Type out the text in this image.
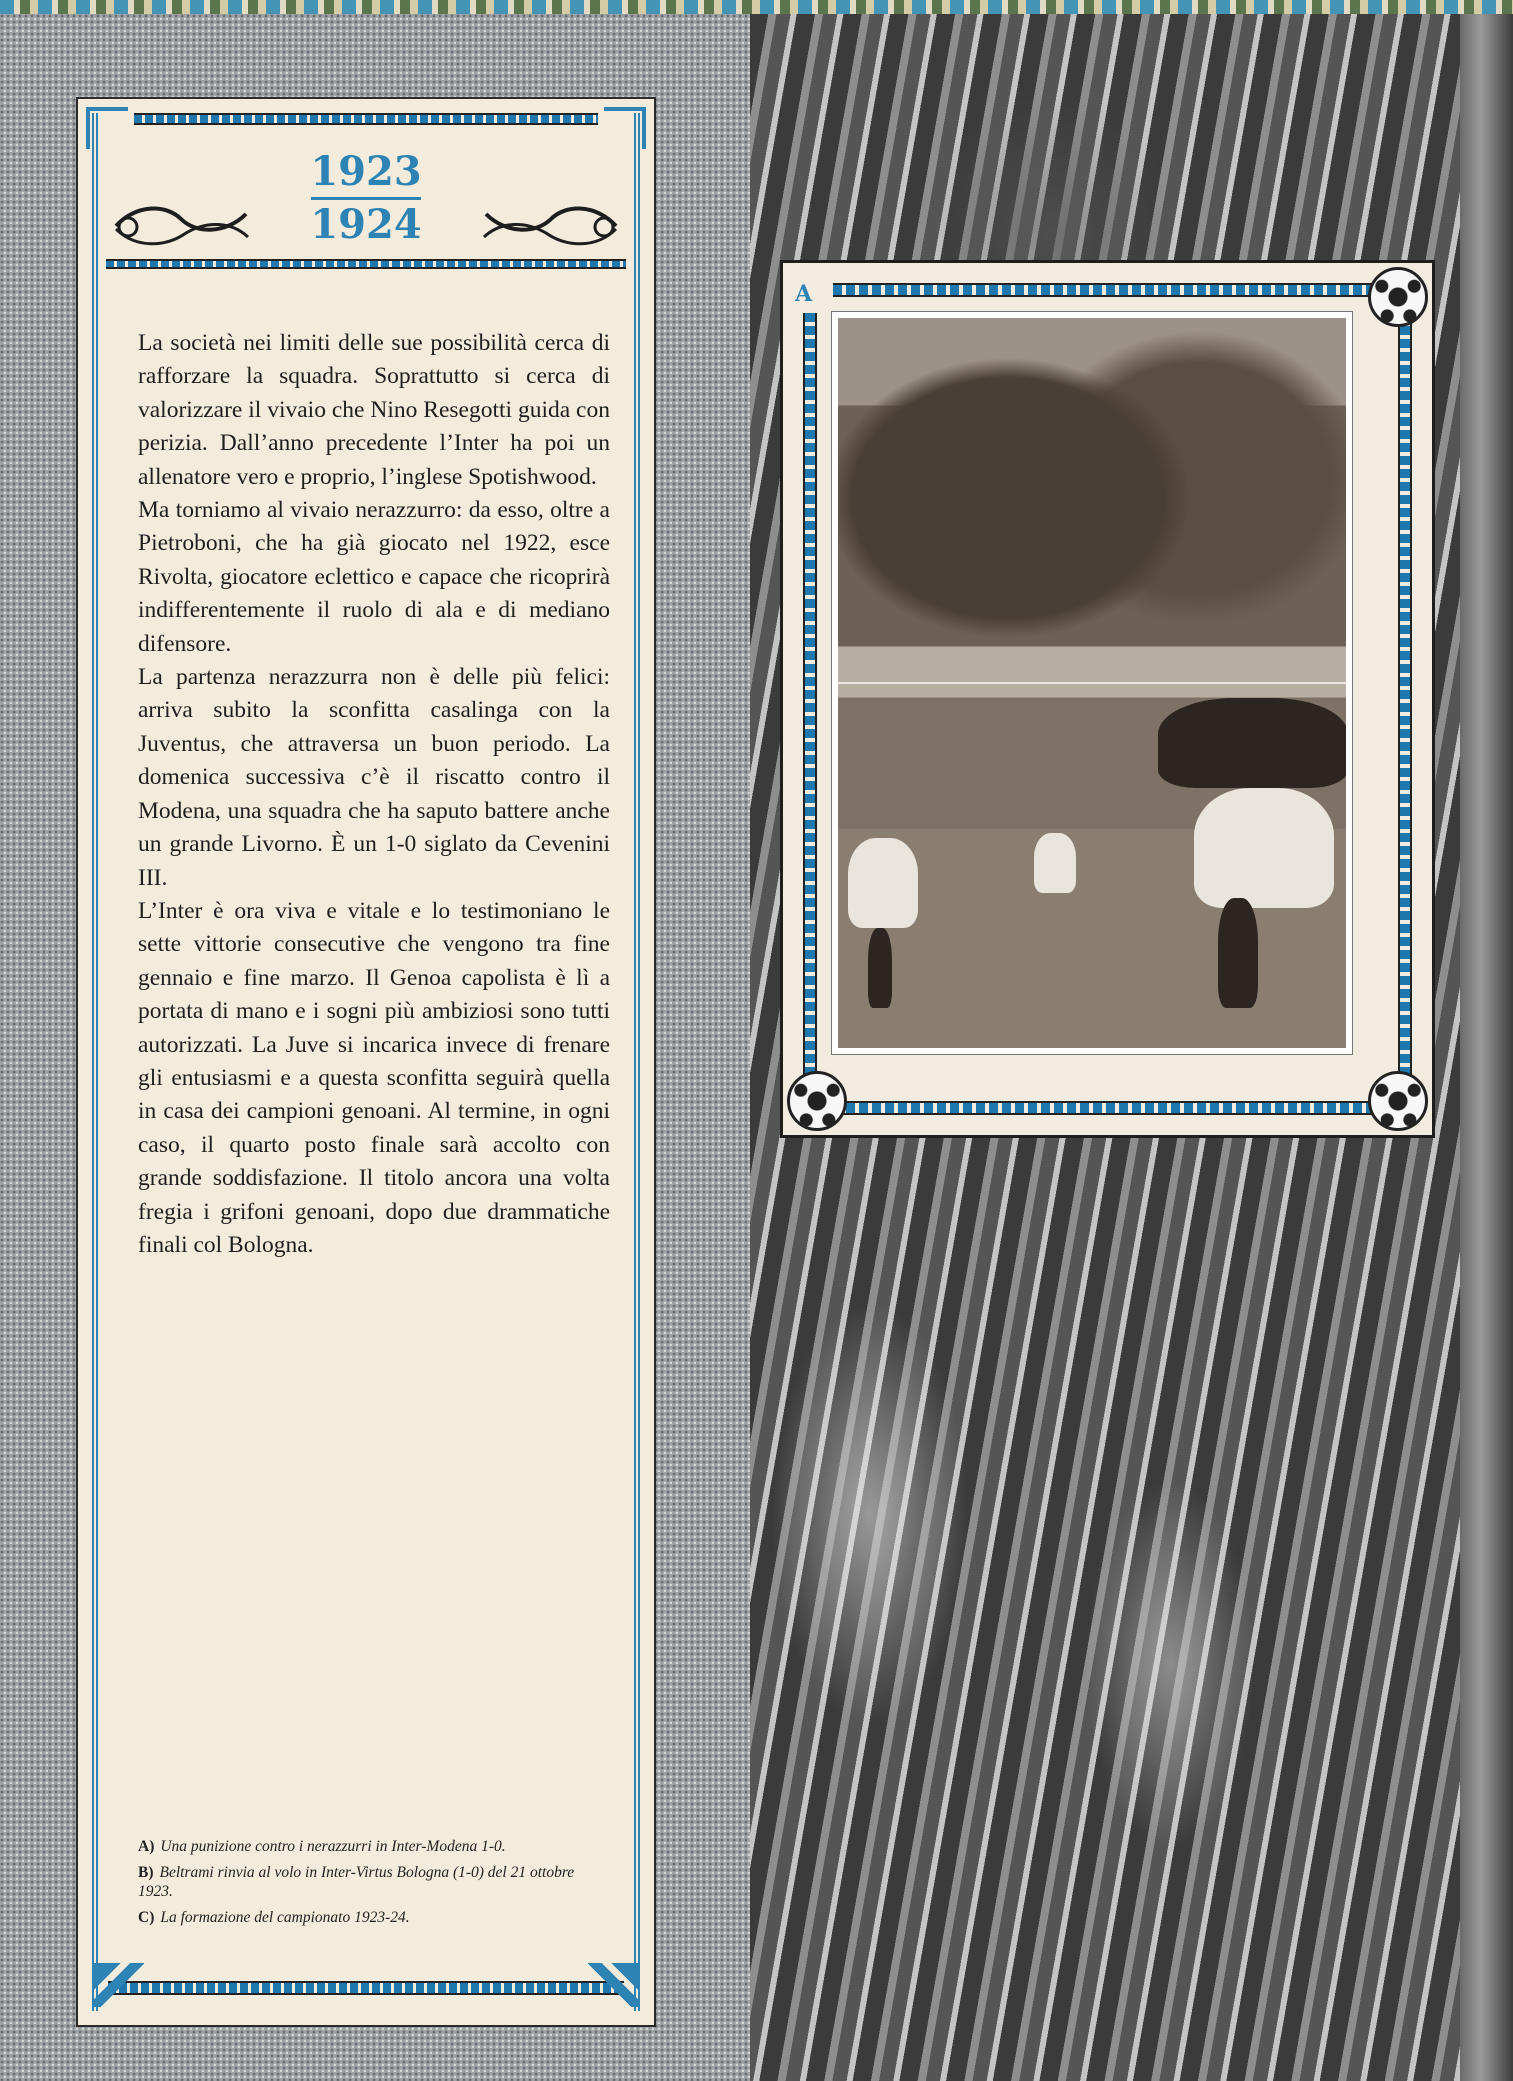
1923
1924

La società nei limiti delle sue possibilità cerca di rafforzare la squadra. Soprattutto si cerca di valorizzare il vivaio che Nino Resegotti guida con perizia. Dall’anno precedente l’Inter ha poi un allenatore vero e proprio, l’inglese Spotishwood.

Ma torniamo al vivaio nerazzurro: da esso, oltre a Pietroboni, che ha già giocato nel 1922, esce Rivolta, giocatore eclettico e capace che ricoprirà indifferentemente il ruolo di ala e di mediano difensore.

La partenza nerazzurra non è delle più felici: arriva subito la sconfitta casalinga con la Juventus, che attraversa un buon periodo. La domenica successiva c’è il riscatto contro il Modena, una squadra che ha saputo battere anche un grande Livorno. È un 1-0 siglato da Cevenini III.

L’Inter è ora viva e vitale e lo testimoniano le sette vittorie consecutive che vengono tra fine gennaio e fine marzo. Il Genoa capolista è lì a portata di mano e i sogni più ambiziosi sono tutti autorizzati. La Juve si incarica invece di frenare gli entusiasmi e a questa sconfitta seguirà quella in casa dei campioni genoani. Al termine, in ogni caso, il quarto posto finale sarà accolto con grande soddisfazione. Il titolo ancora una volta fregia i grifoni genoani, dopo due drammatiche finali col Bologna.

A) Una punizione contro i nerazzurri in Inter-Modena 1-0.
B) Beltrami rinvia al volo in Inter-Virtus Bologna (1-0) del 21 ottobre 1923.
C) La formazione del campionato 1923-24.
A
